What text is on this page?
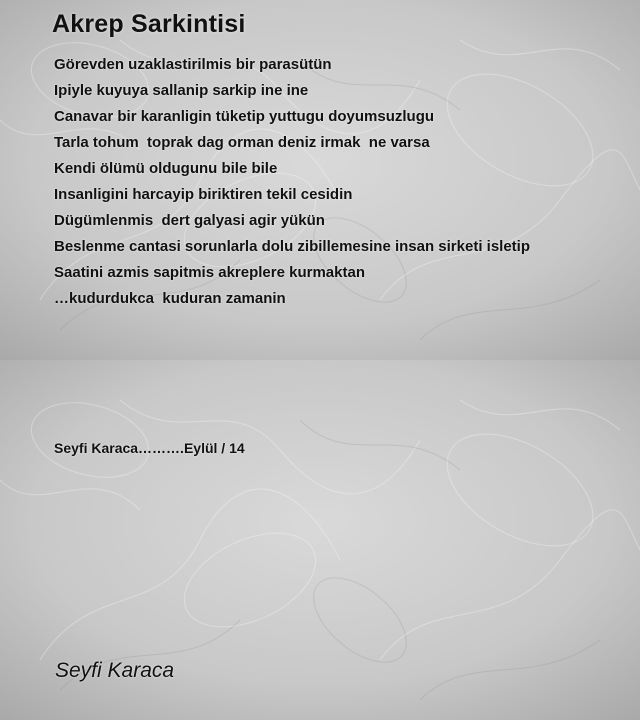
Akrep Sarkintisi
Görevden uzaklastirilmis bir parasütün
Ipiyle kuyuya sallanip sarkip ine ine
Canavar bir karanligin tüketip yuttugu doyumsuzlugu
Tarla tohum  toprak dag orman deniz irmak  ne varsa
Kendi ölümü oldugunu bile bile
Insanligini harcayip biriktiren tekil cesidin
Dügümlenmis  dert galyasi agir yükün
Beslenme cantasi sorunlarla dolu zibillemesine insan sirketi isletip
Saatini azmis sapitmis akreplere kurmaktan
…kudurdukca  kuduran zamanin
Seyfi Karaca……….Eylül / 14
Seyfi Karaca
